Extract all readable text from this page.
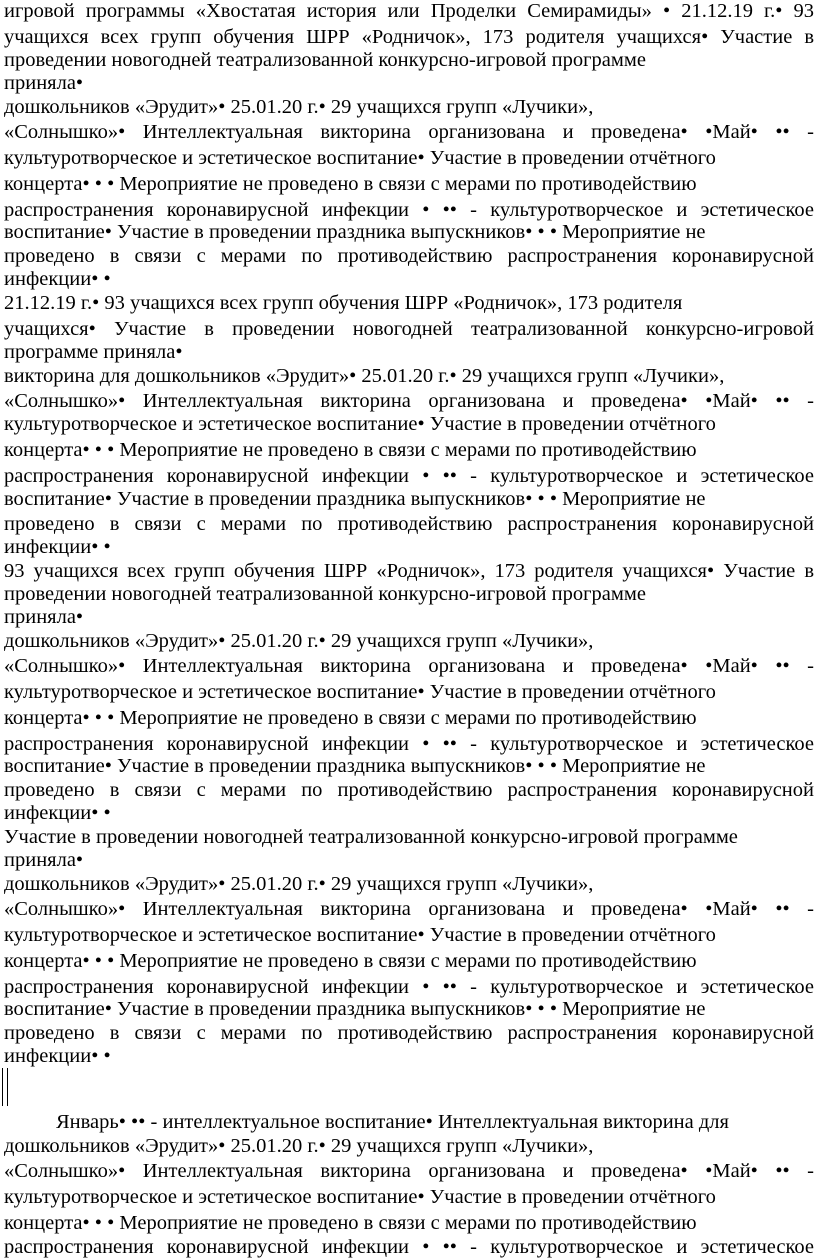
игровой программы «Хвостатая история или Проделки Семирамиды» • 21.12.19 г.• 93
учащихся всех групп обучения ШРР «Родничок», 173 родителя учащихся• Участие в
проведении новогодней театрализованной конкурсно-игровой программе
приняла•
дошкольников «Эрудит»• 25.01.20 г.• 29 учащихся групп «Лучики»,
«Солнышко»• Интеллектуальная викторина организована и проведена• •Май• •• -
культуротворческое и эстетическое воспитание• Участие в проведении отчётного
концерта• • • Мероприятие не проведено в связи с мерами по противодействию
распространения коронавирусной инфекции • •• - культуротворческое и эстетическое
воспитание• Участие в проведении праздника выпускников• • • Мероприятие не
проведено в связи с мерами по противодействию распространения коронавирусной
инфекции• •
21.12.19 г.• 93 учащихся всех групп обучения ШРР «Родничок», 173 родителя
учащихся• Участие в проведении новогодней театрализованной конкурсно-игровой
программе приняла•
викторина для дошкольников «Эрудит»• 25.01.20 г.• 29 учащихся групп «Лучики»,
«Солнышко»• Интеллектуальная викторина организована и проведена• •Май• •• -
культуротворческое и эстетическое воспитание• Участие в проведении отчётного
концерта• • • Мероприятие не проведено в связи с мерами по противодействию
распространения коронавирусной инфекции • •• - культуротворческое и эстетическое
воспитание• Участие в проведении праздника выпускников• • • Мероприятие не
проведено в связи с мерами по противодействию распространения коронавирусной
инфекции• •
93 учащихся всех групп обучения ШРР «Родничок», 173 родителя учащихся• Участие в
проведении новогодней театрализованной конкурсно-игровой программе
приняла•
дошкольников «Эрудит»• 25.01.20 г.• 29 учащихся групп «Лучики»,
«Солнышко»• Интеллектуальная викторина организована и проведена• •Май• •• -
культуротворческое и эстетическое воспитание• Участие в проведении отчётного
концерта• • • Мероприятие не проведено в связи с мерами по противодействию
распространения коронавирусной инфекции • •• - культуротворческое и эстетическое
воспитание• Участие в проведении праздника выпускников• • • Мероприятие не
проведено в связи с мерами по противодействию распространения коронавирусной
инфекции• •
Участие в проведении новогодней театрализованной конкурсно-игровой программе
приняла•
дошкольников «Эрудит»• 25.01.20 г.• 29 учащихся групп «Лучики»,
«Солнышко»• Интеллектуальная викторина организована и проведена• •Май• •• -
культуротворческое и эстетическое воспитание• Участие в проведении отчётного
концерта• • • Мероприятие не проведено в связи с мерами по противодействию
распространения коронавирусной инфекции • •• - культуротворческое и эстетическое
воспитание• Участие в проведении праздника выпускников• • • Мероприятие не
проведено в связи с мерами по противодействию распространения коронавирусной
инфекции• •
Январь• •• - интеллектуальное воспитание• Интеллектуальная викторина для
дошкольников «Эрудит»• 25.01.20 г.• 29 учащихся групп «Лучики»,
«Солнышко»• Интеллектуальная викторина организована и проведена• •Май• •• -
культуротворческое и эстетическое воспитание• Участие в проведении отчётного
концерта• • • Мероприятие не проведено в связи с мерами по противодействию
распространения коронавирусной инфекции • •• - культуротворческое и эстетическое
